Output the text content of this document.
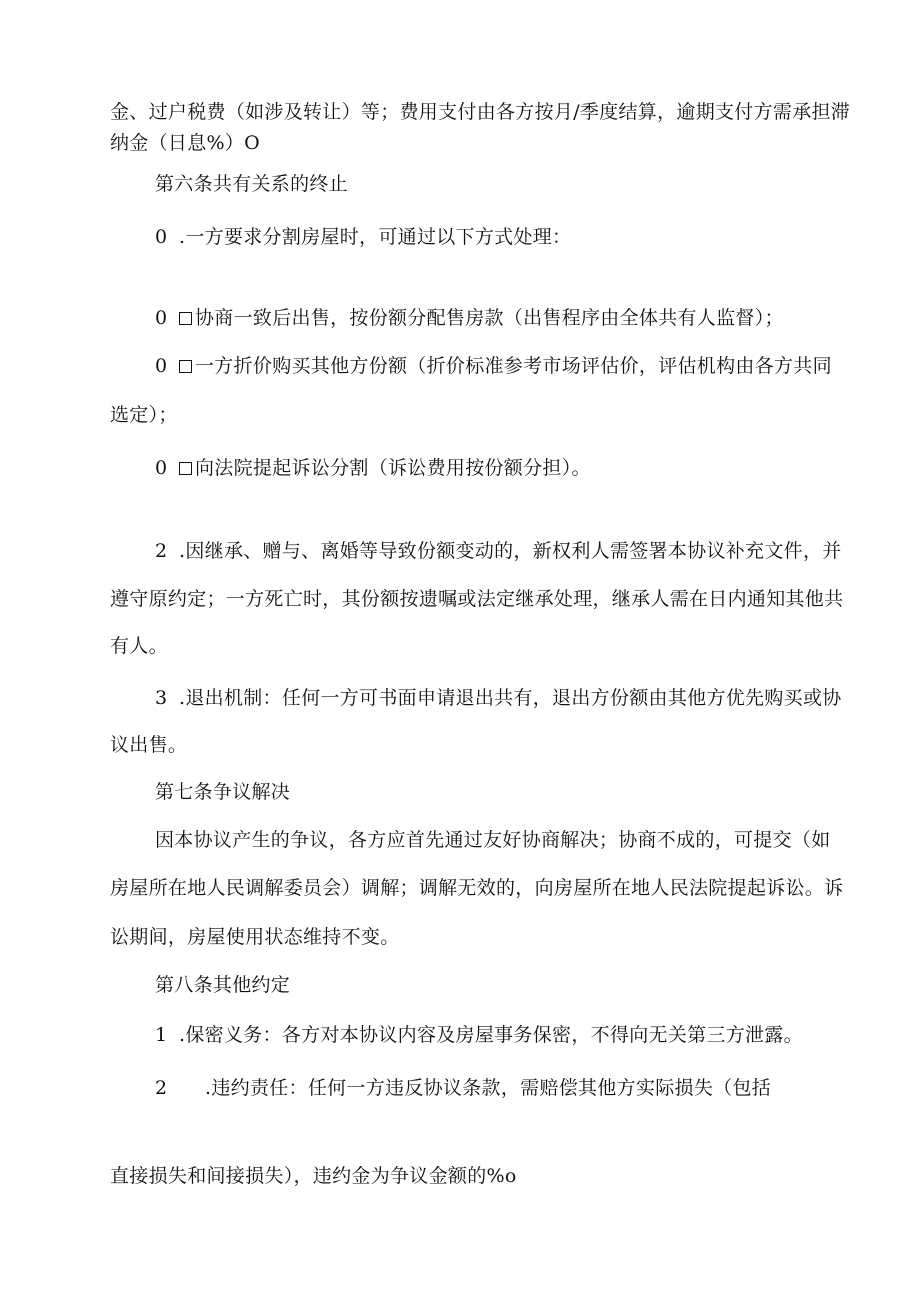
金、过户税费（如涉及转让）等；费用支付由各方按月/季度结算，逾期支付方需承担滞
纳金（日息%）O
第六条共有关系的终止
0 .一方要求分割房屋时，可通过以下方式处理：
0 协商一致后出售，按份额分配售房款（出售程序由全体共有人监督）；
0 一方折价购买其他方份额（折价标准参考市场评估价，评估机构由各方共同
选定）；
0 向法院提起诉讼分割（诉讼费用按份额分担）。
2 .因继承、赠与、离婚等导致份额变动的，新权利人需签署本协议补充文件，并
遵守原约定；一方死亡时，其份额按遗嘱或法定继承处理，继承人需在日内通知其他共
有人。
3 .退出机制：任何一方可书面申请退出共有，退出方份额由其他方优先购买或协
议出售。
第七条争议解决
因本协议产生的争议，各方应首先通过友好协商解决；协商不成的，可提交（如
房屋所在地人民调解委员会）调解；调解无效的，向房屋所在地人民法院提起诉讼。诉
讼期间，房屋使用状态维持不变。
第八条其他约定
1 .保密义务：各方对本协议内容及房屋事务保密，不得向无关第三方泄露。
2 .违约责任：任何一方违反协议条款，需赔偿其他方实际损失（包括
直接损失和间接损失），违约金为争议金额的%o
